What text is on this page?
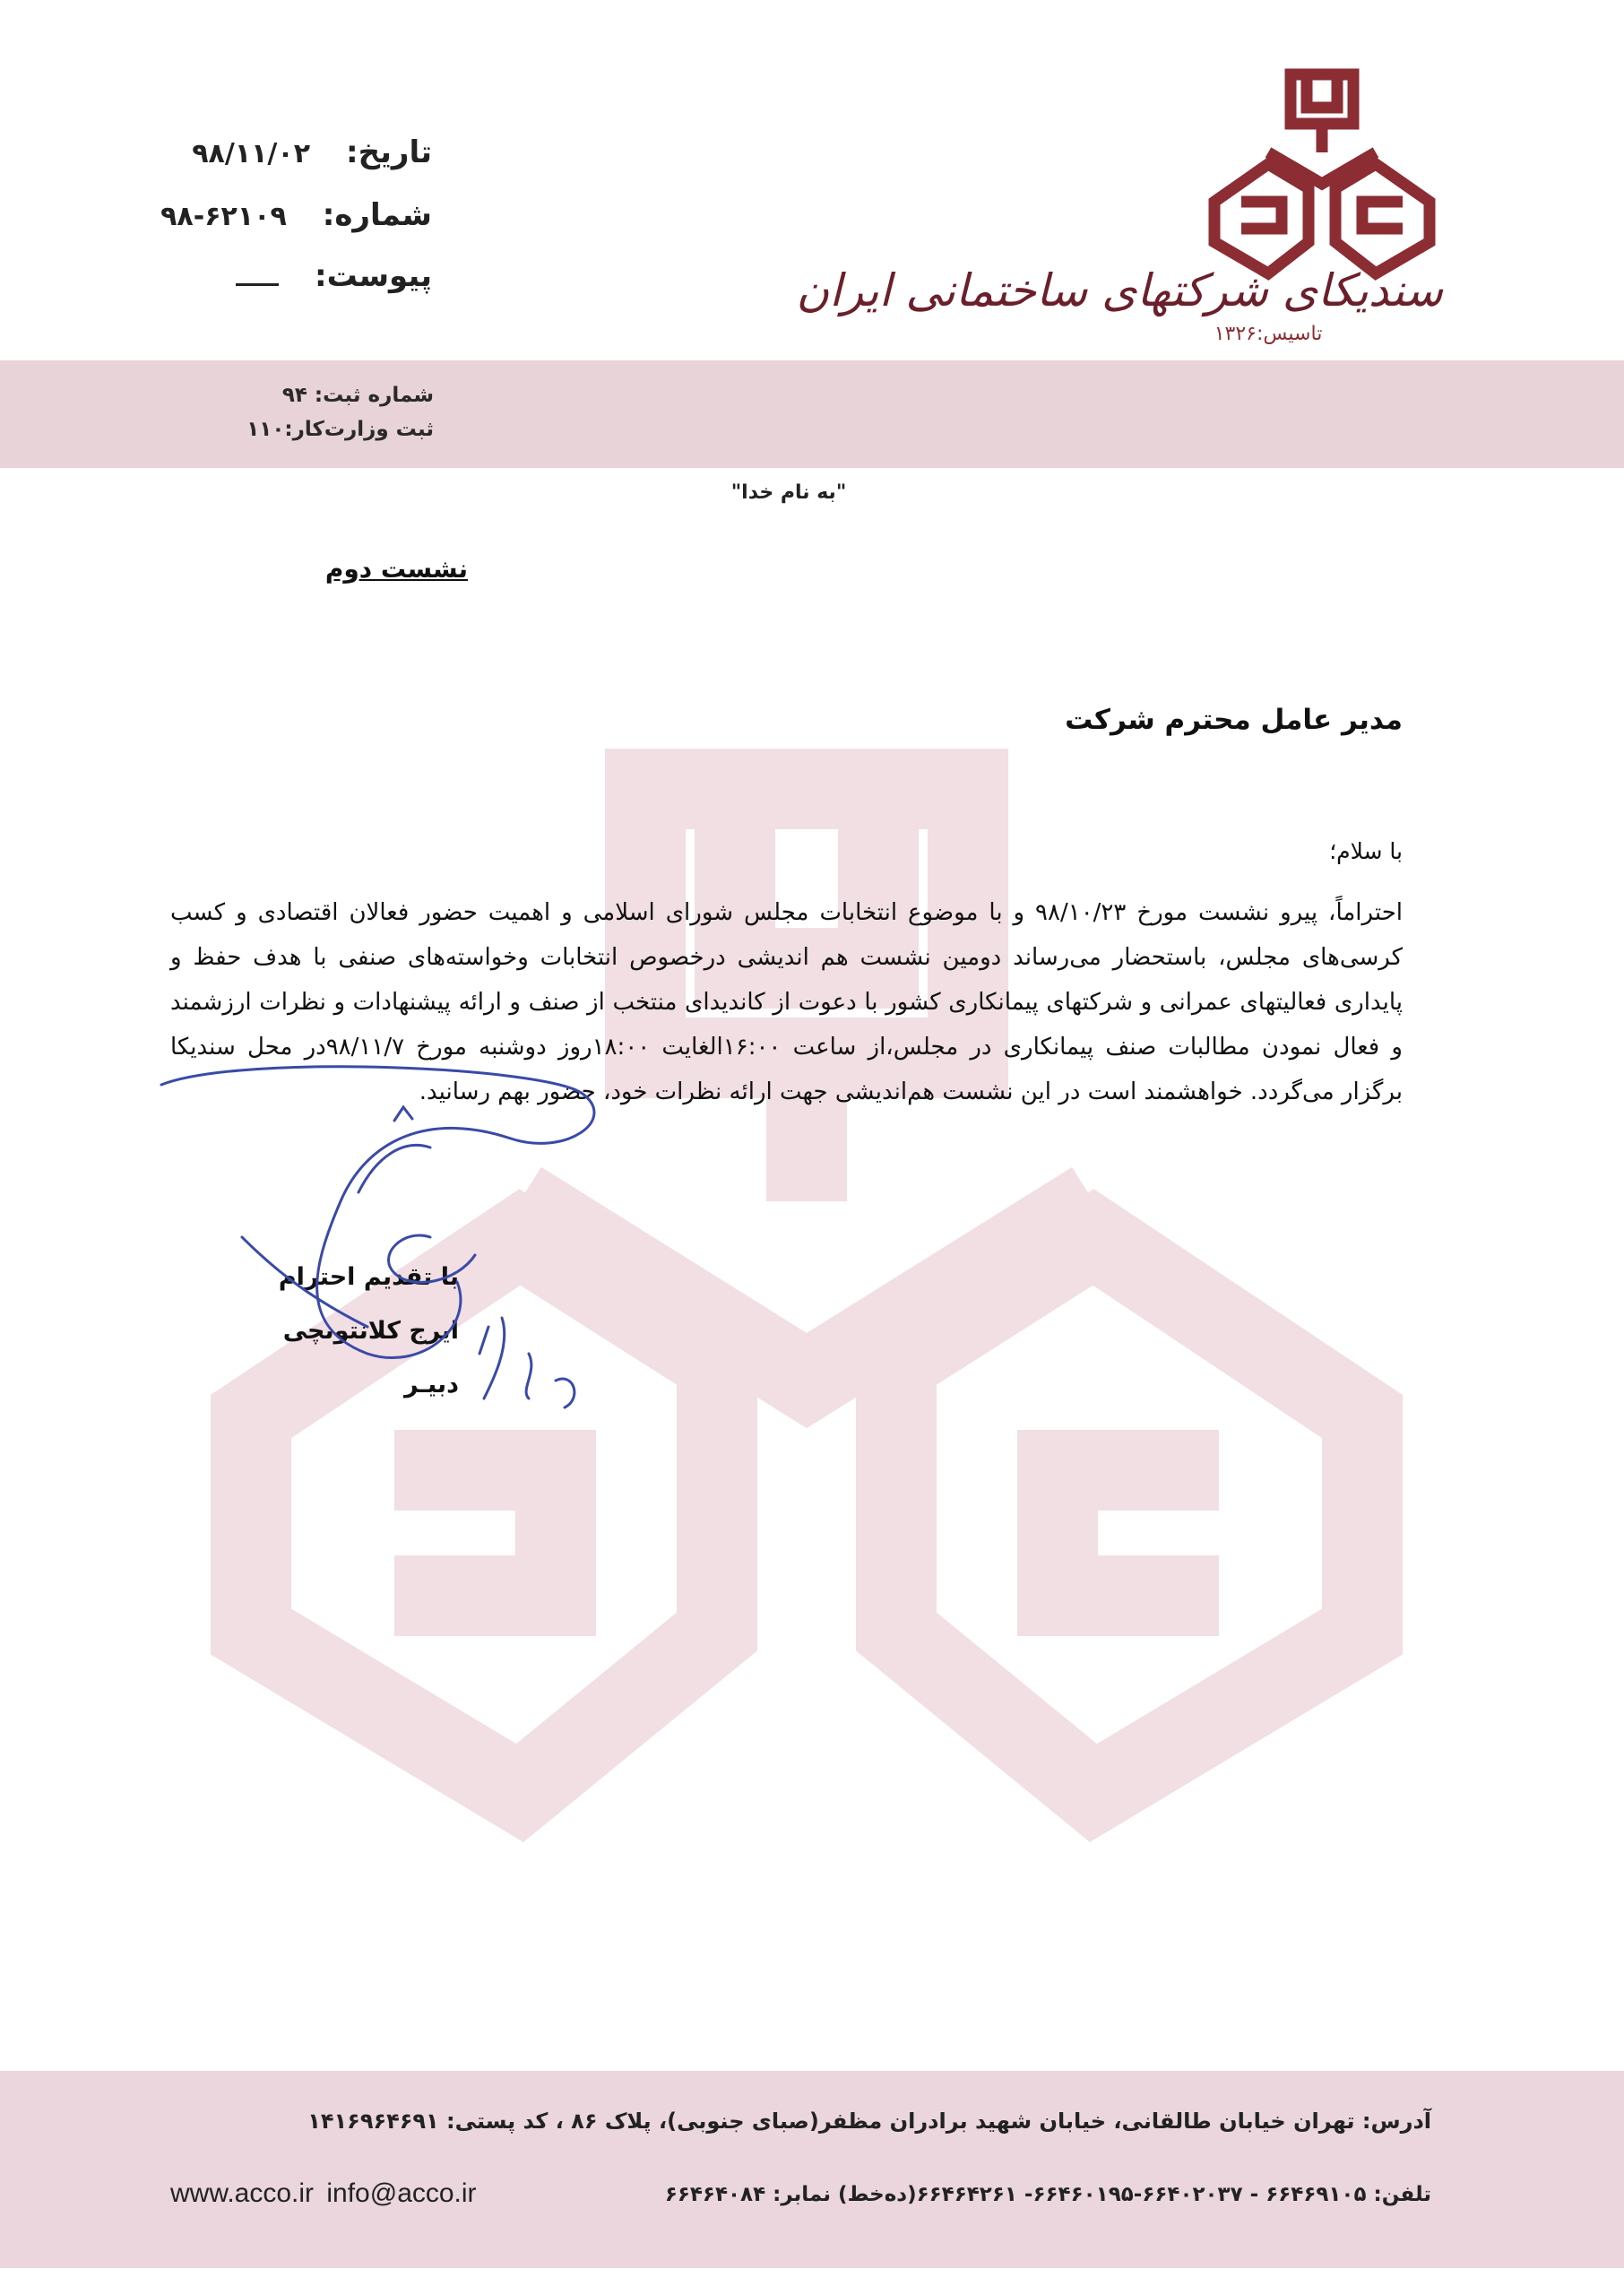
سندیکای شرکتهای ساختمانی ایران
تاسیس:۱۳۲۶
تاریخ:
۹۸/۱۱/۰۲
شماره:
۹۸-۶۲۱۰۹
پیوست:
شماره ثبت: ۹۴
ثبت وزارت‌کار:۱۱۰
"به نام خدا"
نشست دوم
مدیر عامل محترم شرکت
با سلام؛
احتراماً، پیرو نشست مورخ ۹۸/۱۰/۲۳ و با موضوع انتخابات مجلس شورای اسلامی و اهمیت حضور فعالان اقتصادی و کسب کرسی‌های مجلس، باستحضار می‌رساند دومین نشست هم اندیشی درخصوص انتخابات وخواسته‌های صنفی با هدف حفظ و پایداری فعالیتهای عمرانی و شرکتهای پیمانکاری کشور با دعوت از کاندیدای منتخب از صنف و ارائه پیشنهادات و نظرات ارزشمند و فعال نمودن مطالبات صنف پیمانکاری در مجلس،از ساعت ۱۶:۰۰الغایت ۱۸:۰۰روز دوشنبه مورخ ۹۸/۱۱/۷در محل سندیکا برگزار می‌گردد. خواهشمند است در این نشست هم‌اندیشی جهت ارائه نظرات خود، حضور بهم رسانید.
با تقدیم احترام
ایرج کلانتونچی
دبیـر
آدرس: تهران خیابان طالقانی، خیابان شهید برادران مظفر(صبای جنوبی)، پلاک ۸۶ ، کد پستی: ۱۴۱۶۹۶۴۶۹۱
تلفن: ۶۶۴۶۹۱۰۵ - ۶۶۴۰۲۰۳۷-۶۶۴۶۰۱۹۵- ۶۶۴۶۴۲۶۱(ده‌خط) نمابر: ۶۶۴۶۴۰۸۴
www.acco.ir info@acco.ir
